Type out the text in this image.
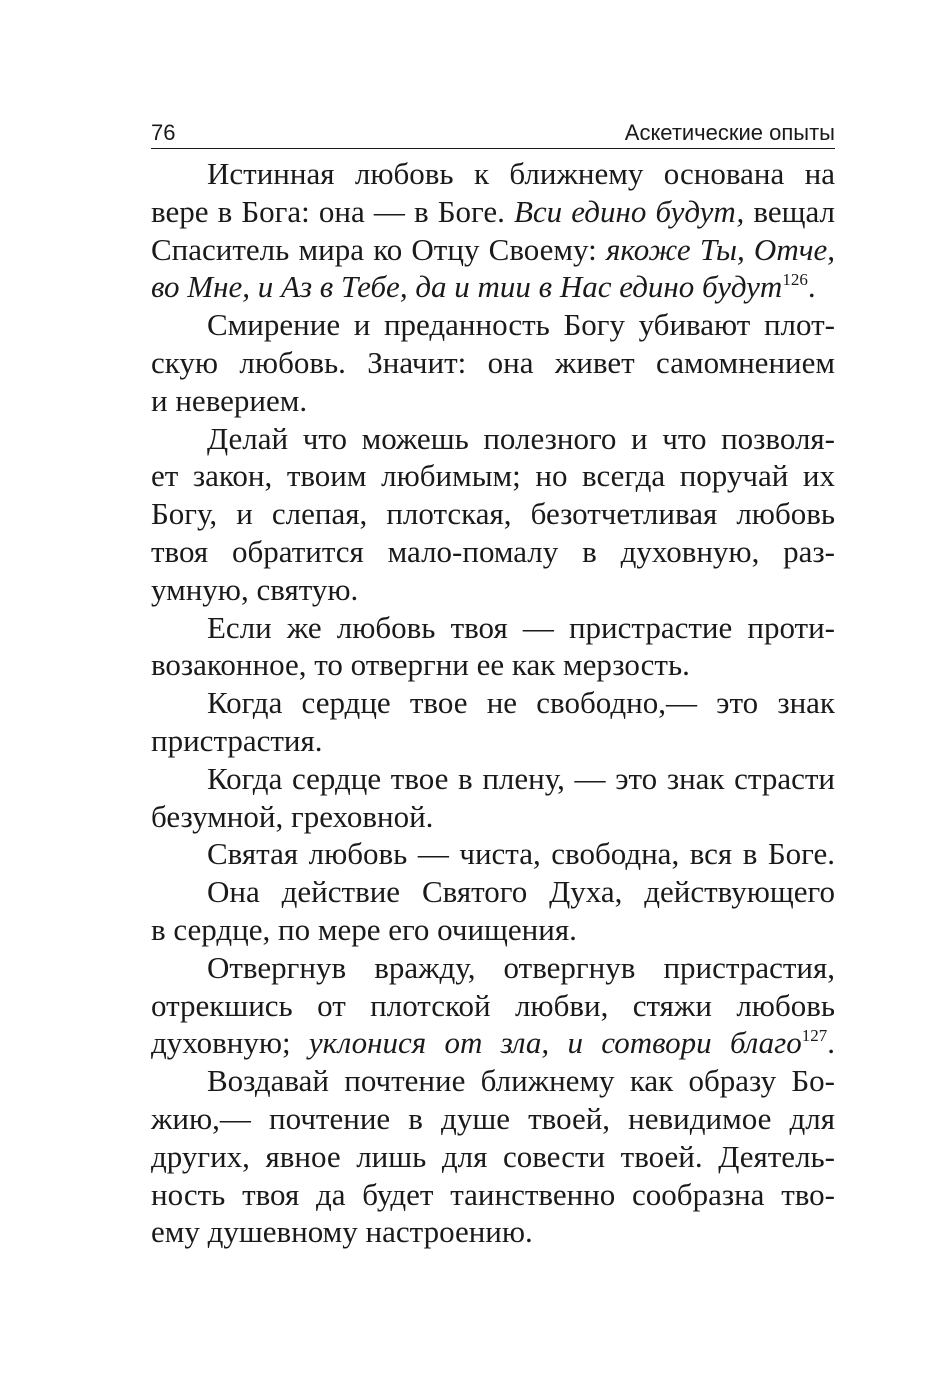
76	Аскетические опыты

Истинная любовь к ближнему основана на
вере в Бога: она — в Боге. Вси едино будут, вещал
Спаситель мира ко Отцу Своему: якоже Ты, Отче,
во Мне, и Аз в Тебе, да и тии в Нас едино будут$^{126}$.

Смирение и преданность Богу убивают плот-
скую любовь. Значит: она живет самомнением
и неверием.

Делай что можешь полезного и что позволя-
ет закон, твоим любимым; но всегда поручай их
Богу, и слепая, плотская, безотчетливая любовь
твоя обратится мало-помалу в духовную, раз-
умную, святую.

Если же любовь твоя — пристрастие проти-
возаконное, то отвергни ее как мерзость.

Когда сердце твое не свободно,— это знак
пристрастия.

Когда сердце твое в плену, — это знак страсти
безумной, греховной.

Святая любовь — чиста, свободна, вся в Боге.

Она действие Святого Духа, действующего
в сердце, по мере его очищения.

Отвергнув вражду, отвергнув пристрастия,
отрекшись от плотской любви, стяжи любовь
духовную; уклонися от зла, и сотвори благо$^{127}$.

Воздавай почтение ближнему как образу Бо-
жию,— почтение в душе твоей, невидимое для
других, явное лишь для совести твоей. Деятель-
ность твоя да будет таинственно сообразна тво-
ему душевному настроению.
